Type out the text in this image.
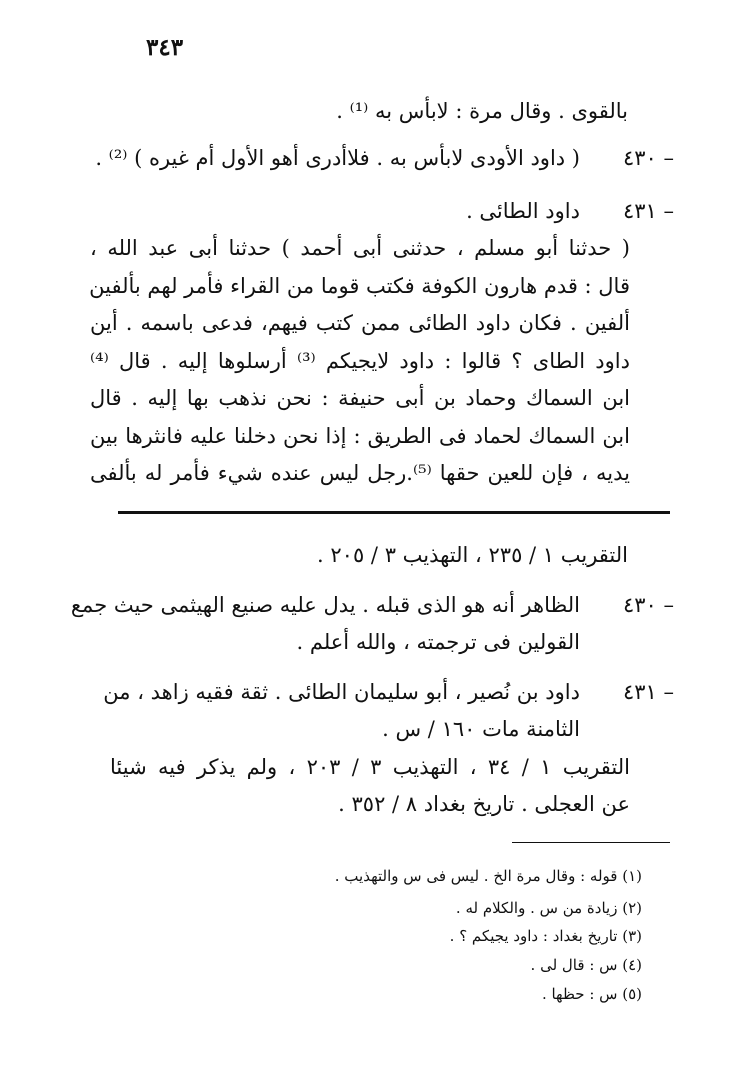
٣٤٣
بالقوى . وقال مرة : لابأس به ⁽¹⁾ .
٤٣٠ –
( داود الأودى لابأس به . فلاأدرى أهو الأول أم غيره ) ⁽²⁾ .
٤٣١ –
داود الطائى .
( حدثنا أبو مسلم ، حدثنى أبى أحمد ) حدثنا أبى عبد الله ،
قال : قدم هارون الكوفة فكتب قوما من القراء فأمر لهم بألفين
ألفين . فكان داود الطائى ممن كتب فيهم، فدعى باسمه . أين
داود الطاى ؟ قالوا : داود لايجيكم ⁽³⁾ أرسلوها إليه . قال ⁽⁴⁾
ابن السماك وحماد بن أبى حنيفة : نحن نذهب بها إليه . قال
ابن السماك لحماد فى الطريق : إذا نحن دخلنا عليه فانثرها بين
يديه ، فإن للعين حقها ⁽⁵⁾.رجل ليس عنده شيء فأمر له بألفى
التقريب ١ / ٢٣٥ ، التهذيب ٣ / ٢٠٥ .
٤٣٠ –
الظاهر أنه هو الذى قبله . يدل عليه صنيع الهيثمى حيث جمع
القولين فى ترجمته ، والله أعلم .
٤٣١ –
داود بن نُصير ، أبو سليمان الطائى . ثقة فقيه زاهد ، من
الثامنة مات ١٦٠ / س .
التقريب ١ / ٣٤ ، التهذيب ٣ / ٢٠٣ ، ولم يذكر فيه شيئا
عن العجلى . تاريخ بغداد ٨ / ٣٥٢ .
(١) قوله : وقال مرة الخ . ليس فى س والتهذيب .
(٢) زيادة من س . والكلام له .
(٣) تاريخ بغداد : داود يجيكم ؟ .
(٤) س : قال لى .
(٥) س : حظها .
